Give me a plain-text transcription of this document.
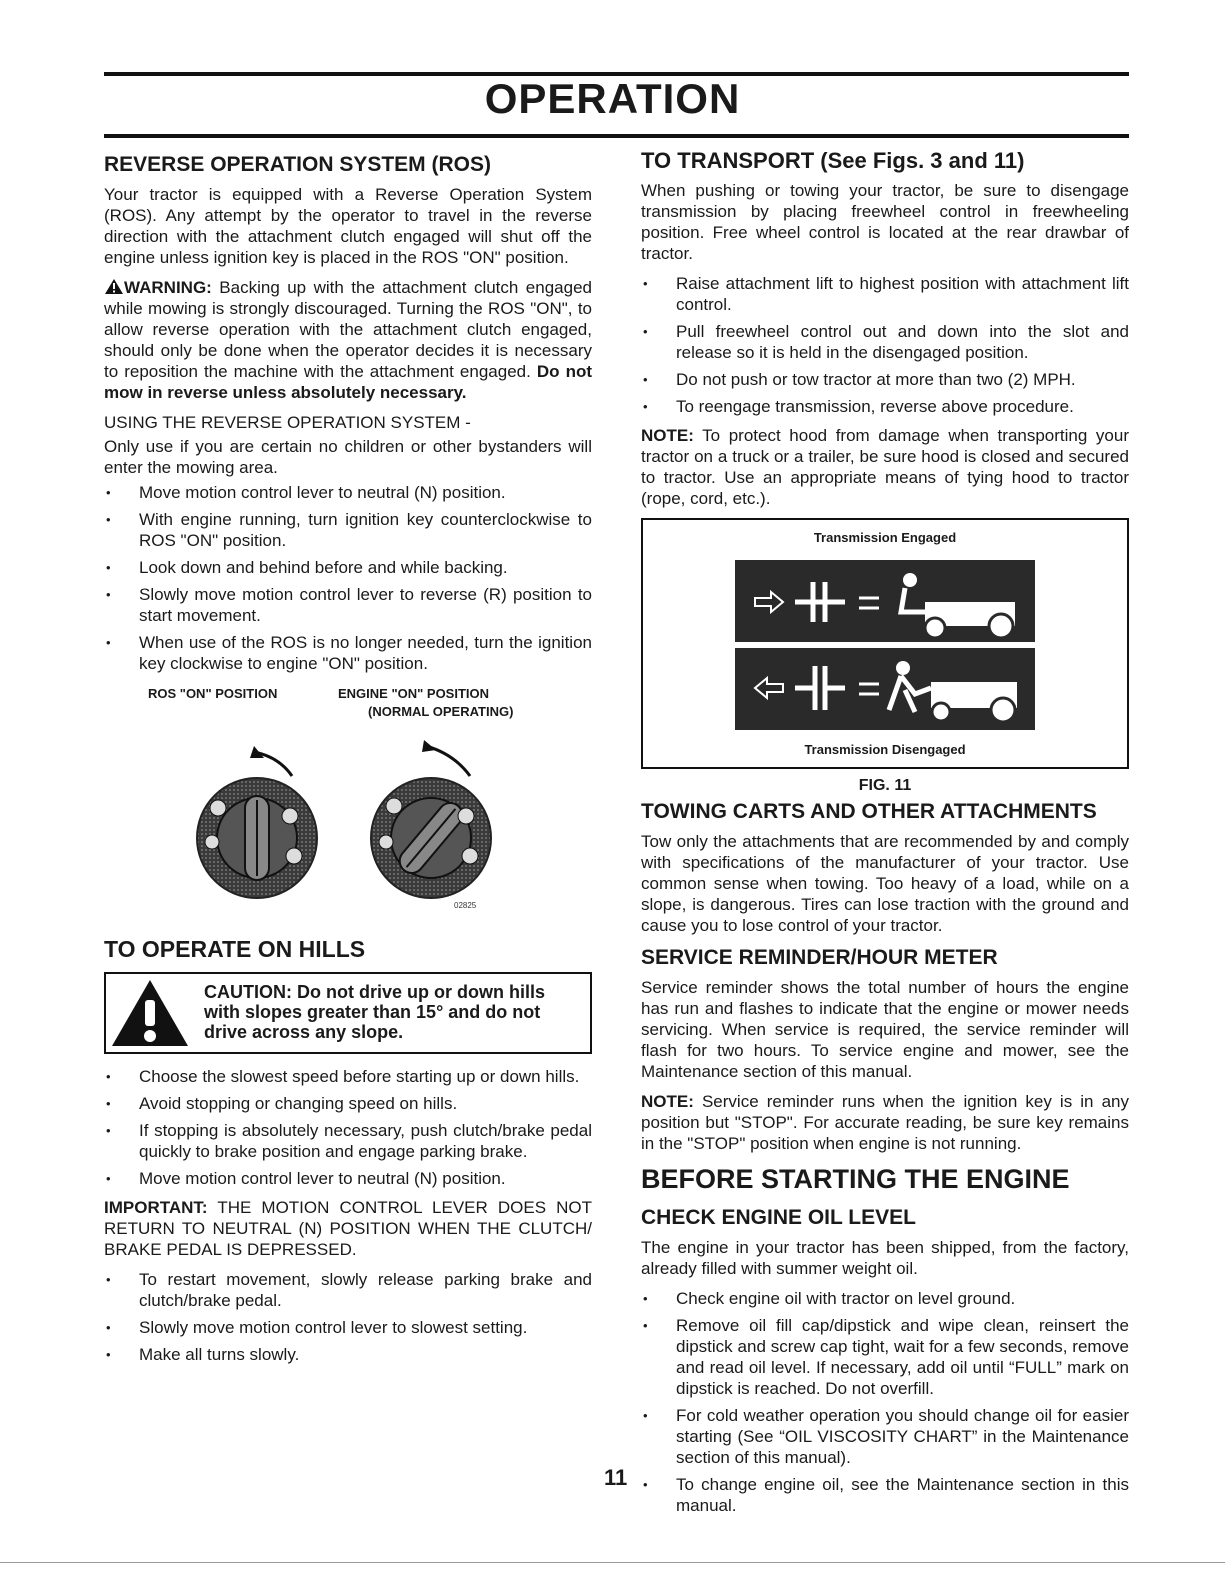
OPERATION
REVERSE OPERATION SYSTEM (ROS)

Your tractor is equipped with a Reverse Operation System (ROS). Any attempt by the operator to travel in the reverse direction with the attachment clutch engaged will shut off the engine unless ignition key is placed in the ROS "ON" position.

WARNING: Backing up with the attachment clutch engaged while mowing is strongly discouraged. Turning the ROS "ON", to allow reverse operation with the attachment clutch engaged, should only be done when the operator decides it is necessary to reposition the machine with the attachment engaged. Do not mow in reverse unless absolutely necessary.

USING THE REVERSE OPERATION SYSTEM -

Only use if you are certain no children or other bystanders will enter the mowing area.

• Move motion control lever to neutral (N) position.
• With engine running, turn ignition key counterclockwise to ROS "ON" position.
• Look down and behind before and while backing.
• Slowly move motion control lever to reverse (R) position to start movement.
• When use of the ROS is no longer needed, turn the ignition key clockwise to engine "ON" position.
ROS "ON" POSITION	ENGINE "ON" POSITION
(NORMAL OPERATING)
02825
TO OPERATE ON HILLS
CAUTION: Do not drive up or down hills
with slopes greater than 15° and do not
drive across any slope.
• Choose the slowest speed before starting up or down hills.
• Avoid stopping or changing speed on hills.
• If stopping is absolutely necessary, push clutch/brake pedal quickly to brake position and engage parking brake.
• Move motion control lever to neutral (N) position.

IMPORTANT: THE MOTION CONTROL LEVER DOES NOT RETURN TO NEUTRAL (N) POSITION WHEN THE CLUTCH/ BRAKE PEDAL IS DEPRESSED.

• To restart movement, slowly release parking brake and clutch/brake pedal.
• Slowly move motion control lever to slowest setting.
• Make all turns slowly.
TO TRANSPORT (See Figs. 3 and 11)

When pushing or towing your tractor, be sure to disengage transmission by placing freewheel control in freewheeling position. Free wheel control is located at the rear drawbar of tractor.

• Raise attachment lift to highest position with attachment lift control.
• Pull freewheel control out and down into the slot and release so it is held in the disengaged position.
• Do not push or tow tractor at more than two (2) MPH.
• To reengage transmission, reverse above procedure.

NOTE: To protect hood from damage when transporting your tractor on a truck or a trailer, be sure hood is closed and secured to tractor. Use an appropriate means of tying hood to tractor (rope, cord, etc.).

Transmission Engaged
Transmission Disengaged
FIG. 11
TOWING CARTS AND OTHER ATTACHMENTS

Tow only the attachments that are recommended by and comply with specifications of the manufacturer of your tractor. Use common sense when towing. Too heavy of a load, while on a slope, is dangerous. Tires can lose traction with the ground and cause you to lose control of your tractor.

SERVICE REMINDER/HOUR METER

Service reminder shows the total number of hours the engine has run and flashes to indicate that the engine or mower needs servicing. When service is required, the service reminder will flash for two hours. To service engine and mower, see the Maintenance section of this manual.

NOTE: Service reminder runs when the ignition key is in any position but "STOP". For accurate reading, be sure key remains in the "STOP" position when engine is not running.

BEFORE STARTING THE ENGINE
CHECK ENGINE OIL LEVEL

The engine in your tractor has been shipped, from the factory, already filled with summer weight oil.

• Check engine oil with tractor on level ground.
• Remove oil fill cap/dipstick and wipe clean, reinsert the dipstick and screw cap tight, wait for a few seconds, remove and read oil level. If necessary, add oil until “FULL” mark on dipstick is reached. Do not overfill.
• For cold weather operation you should change oil for easier starting (See “OIL VISCOSITY CHART” in the Maintenance section of this manual).
• To change engine oil, see the Maintenance section in this manual.
11
